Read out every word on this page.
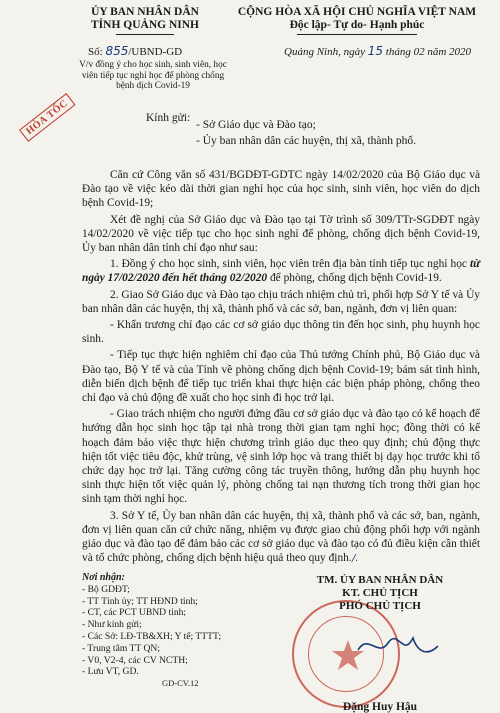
ỦY BAN NHÂN DÂN
TỈNH QUẢNG NINH
Số: 855/UBND-GD
V/v đồng ý cho học sinh, sinh viên, học viên tiếp tục nghỉ học để phòng chống bệnh dịch Covid-19
CỘNG HÒA XÃ HỘI CHỦ NGHĨA VIỆT NAM
Độc lập- Tự do- Hạnh phúc
Quảng Ninh, ngày 15 tháng 02 năm 2020
HỎA TỐC	Kính gửi:
- Sở Giáo dục và Đào tạo;
- Ủy ban nhân dân các huyện, thị xã, thành phố.

Căn cứ Công văn số 431/BGDĐT-GDTC ngày 14/02/2020 của Bộ Giáo dục và Đào tạo về việc kéo dài thời gian nghỉ học của học sinh, sinh viên, học viên do dịch bệnh Covid-19;

Xét đề nghị của Sở Giáo dục và Đào tạo tại Tờ trình số 309/TTr-SGDĐT ngày 14/02/2020 về việc tiếp tục cho học sinh nghỉ để phòng, chống dịch bệnh Covid-19, Ủy ban nhân dân tỉnh chỉ đạo như sau:

1. Đồng ý cho học sinh, sinh viên, học viên trên địa bàn tỉnh tiếp tục nghỉ học từ ngày 17/02/2020 đến hết tháng 02/2020 để phòng, chống dịch bệnh Covid-19.

2. Giao Sở Giáo dục và Đào tạo chịu trách nhiệm chủ trì, phối hợp Sở Y tế và Ủy ban nhân dân các huyện, thị xã, thành phố và các sở, ban, ngành, đơn vị liên quan:

- Khẩn trương chỉ đạo các cơ sở giáo dục thông tin đến học sinh, phụ huynh học sinh.

- Tiếp tục thực hiện nghiêm chỉ đạo của Thủ tướng Chính phủ, Bộ Giáo dục và Đào tạo, Bộ Y tế và của Tỉnh về phòng chống dịch bệnh Covid-19; bám sát tình hình, diễn biến dịch bệnh để tiếp tục triển khai thực hiện các biện pháp phòng, chống theo chỉ đạo và chủ động đề xuất cho học sinh đi học trở lại.

- Giao trách nhiệm cho người đứng đầu cơ sở giáo dục và đào tạo có kế hoạch để hướng dẫn học sinh học tập tại nhà trong thời gian tạm nghỉ học; đồng thời có kế hoạch đảm bảo việc thực hiện chương trình giáo dục theo quy định; chủ động thực hiện tốt việc tiêu độc, khử trùng, vệ sinh lớp học và trang thiết bị dạy học trước khi tổ chức dạy học trở lại. Tăng cường công tác truyền thông, hướng dẫn phụ huynh học sinh thực hiện tốt việc quản lý, phòng chống tai nạn thương tích trong thời gian học sinh tạm thời nghỉ học.

3. Sở Y tế, Ủy ban nhân dân các huyện, thị xã, thành phố và các sở, ban, ngành, đơn vị liên quan căn cứ chức năng, nhiệm vụ được giao chủ động phối hợp với ngành giáo dục và đào tạo để đảm bảo các cơ sở giáo dục và đào tạo có đủ điều kiện cần thiết và tổ chức phòng, chống dịch bệnh hiệu quả theo quy định./.

Nơi nhận:
- Bộ GDĐT;
- TT Tỉnh ủy; TT HĐND tỉnh;
- CT, các PCT UBND tỉnh;
- Như kính gửi;
- Các Sở: LĐ-TB&XH; Y tế; TTTT;
- Trung tâm TT QN;
- V0, V2-4, các CV NCTH;
- Lưu VT, GD.
GD-CV.12
TM. ỦY BAN NHÂN DÂN
KT. CHỦ TỊCH
PHÓ CHỦ TỊCH
Đặng Huy Hậu
